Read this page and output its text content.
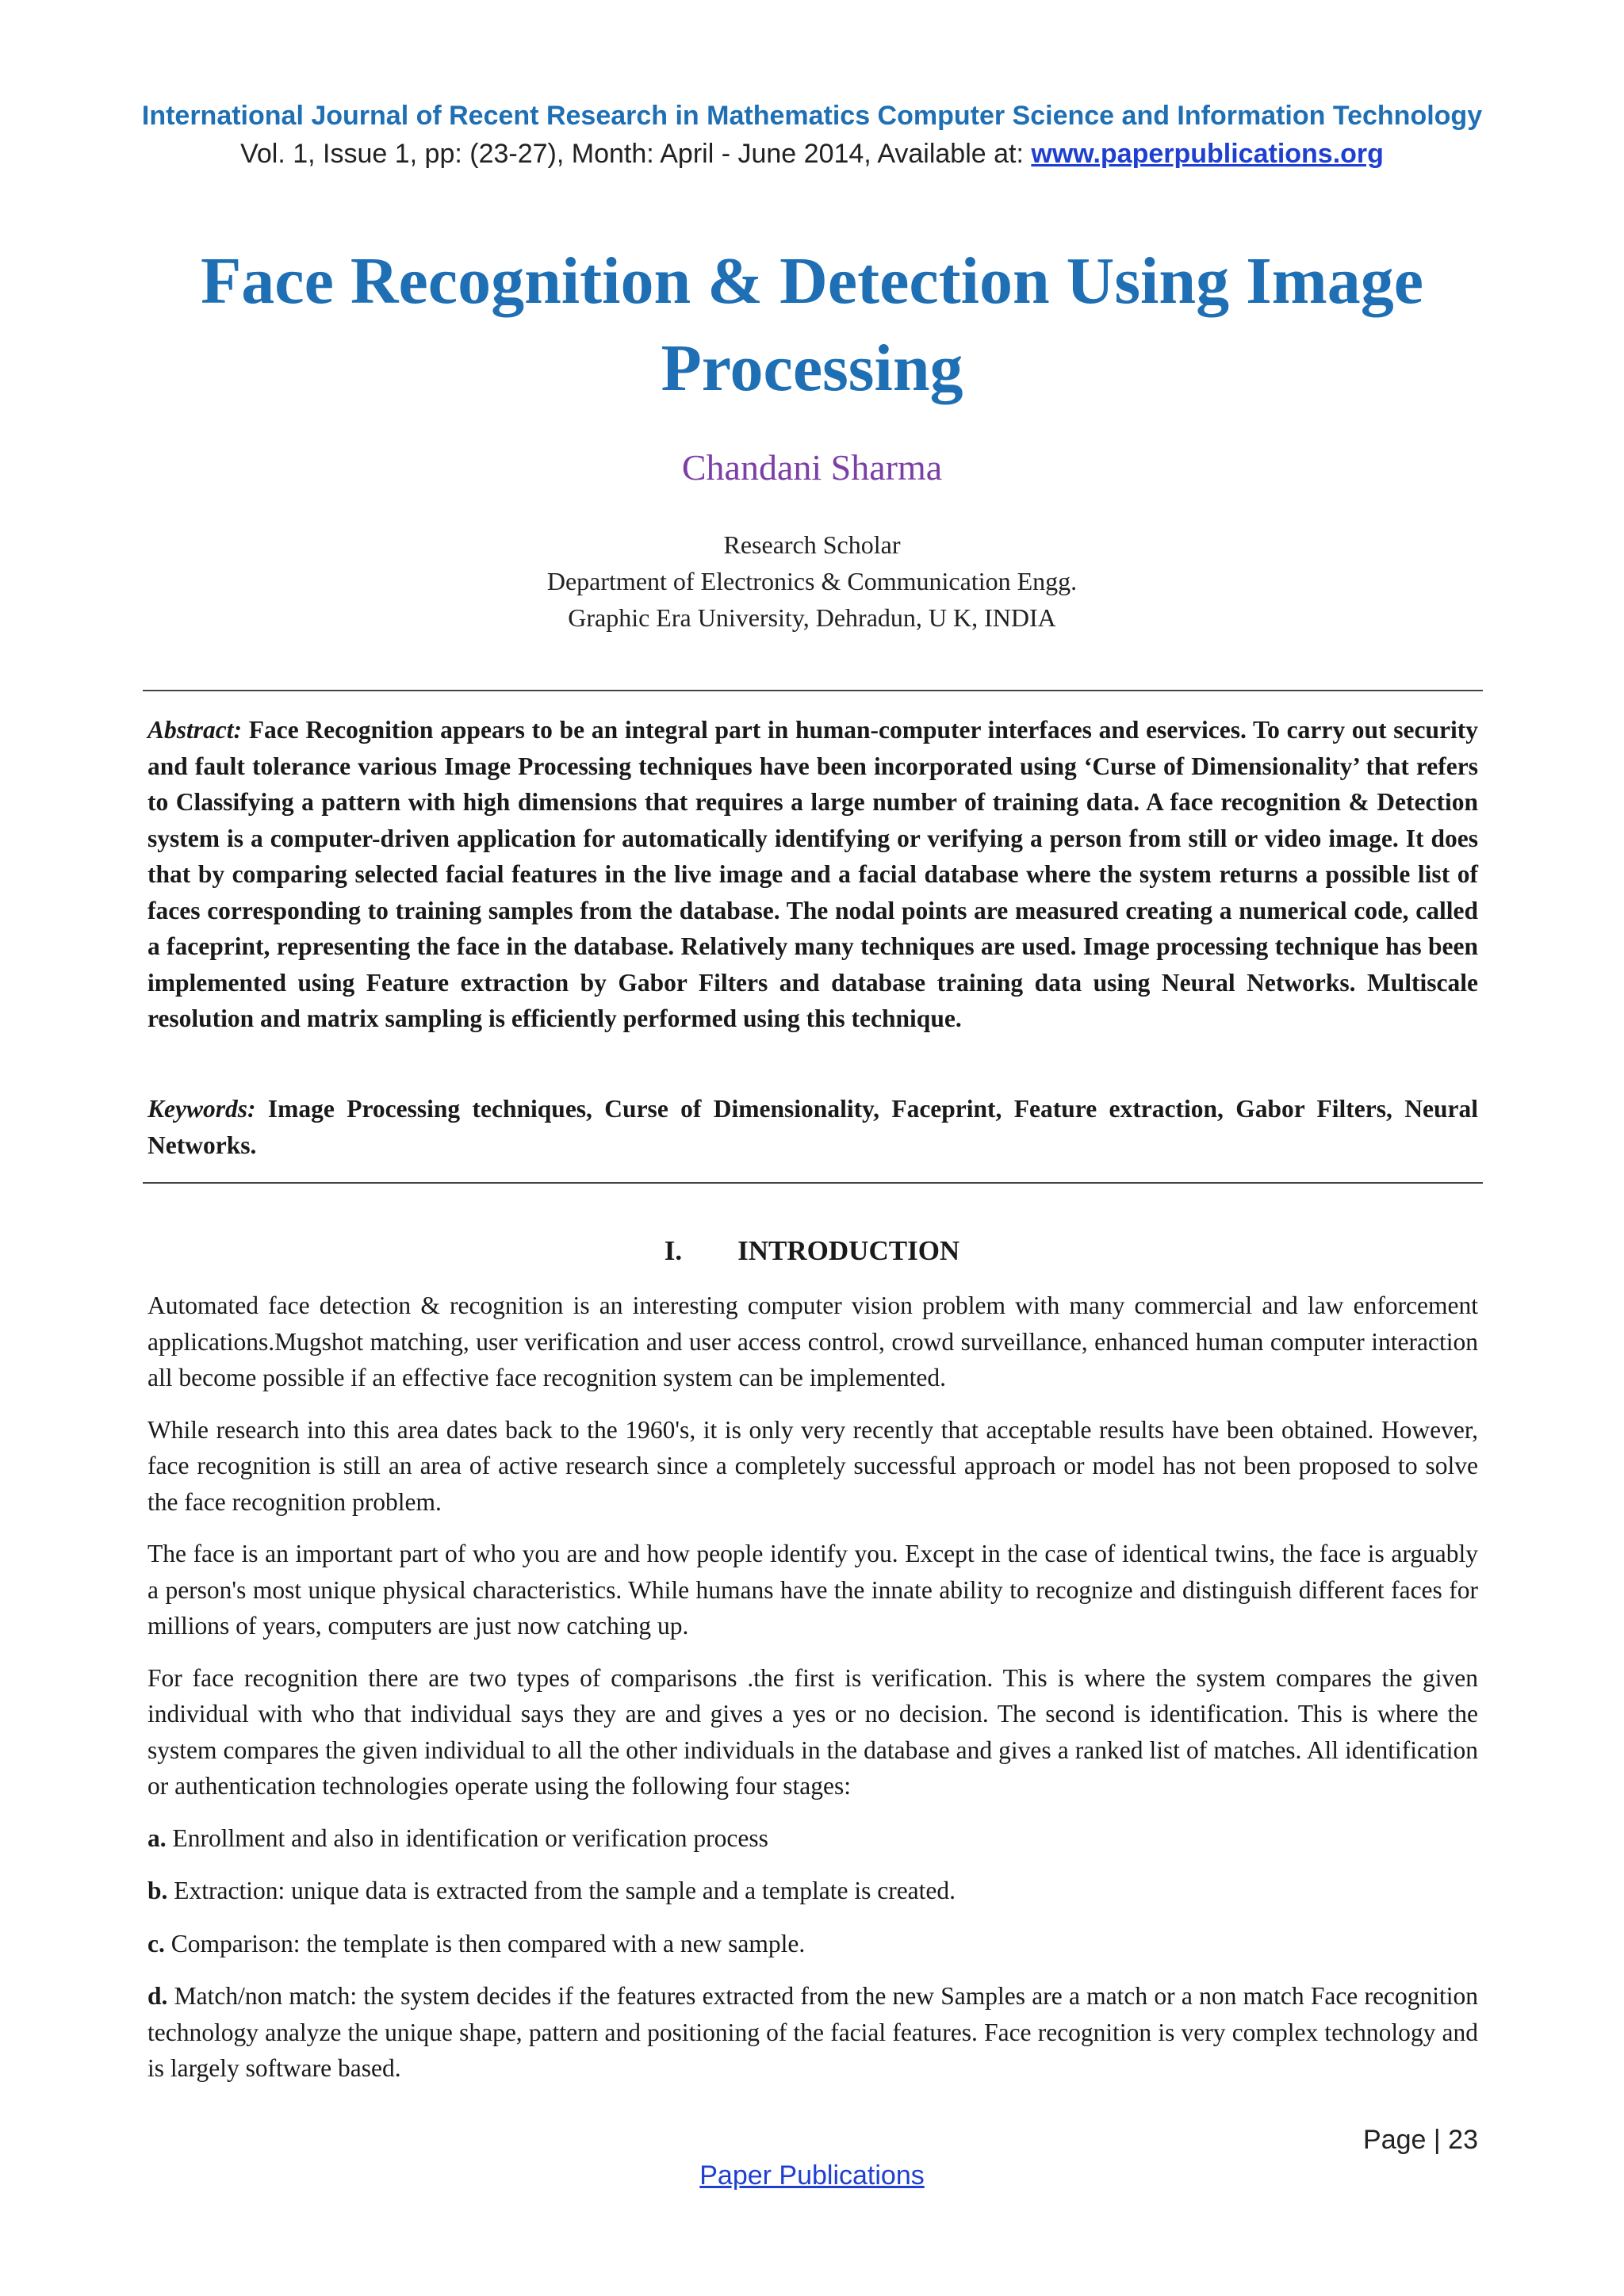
International Journal of Recent Research in Mathematics Computer Science and Information Technology
Vol. 1, Issue 1, pp: (23-27), Month: April - June 2014, Available at: www.paperpublications.org
Face Recognition & Detection Using Image
Processing
Chandani Sharma
Research Scholar
Department of Electronics & Communication Engg.
Graphic Era University, Dehradun, U K, INDIA
Abstract: Face Recognition appears to be an integral part in human-computer interfaces and eservices. To carry out security and fault tolerance various Image Processing techniques have been incorporated using ‘Curse of Dimensionality’ that refers to Classifying a pattern with high dimensions that requires a large number of training data. A face recognition & Detection system is a computer-driven application for automatically identifying or verifying a person from still or video image. It does that by comparing selected facial features in the live image and a facial database where the system returns a possible list of faces corresponding to training samples from the database. The nodal points are measured creating a numerical code, called a faceprint, representing the face in the database. Relatively many techniques are used. Image processing technique has been implemented using Feature extraction by Gabor Filters and database training data using Neural Networks. Multiscale resolution and matrix sampling is efficiently performed using this technique.
Keywords: Image Processing techniques, Curse of Dimensionality, Faceprint, Feature extraction, Gabor Filters, Neural Networks.
I. INTRODUCTION

Automated face detection & recognition is an interesting computer vision problem with many commercial and law enforcement applications.Mugshot matching, user verification and user access control, crowd surveillance, enhanced human computer interaction all become possible if an effective face recognition system can be implemented.

While research into this area dates back to the 1960's, it is only very recently that acceptable results have been obtained. However, face recognition is still an area of active research since a completely successful approach or model has not been proposed to solve the face recognition problem.

The face is an important part of who you are and how people identify you. Except in the case of identical twins, the face is arguably a person's most unique physical characteristics. While humans have the innate ability to recognize and distinguish different faces for millions of years, computers are just now catching up.

For face recognition there are two types of comparisons .the first is verification. This is where the system compares the given individual with who that individual says they are and gives a yes or no decision. The second is identification. This is where the system compares the given individual to all the other individuals in the database and gives a ranked list of matches. All identification or authentication technologies operate using the following four stages:

a. Enrollment and also in identification or verification process

b. Extraction: unique data is extracted from the sample and a template is created.

c. Comparison: the template is then compared with a new sample.

d. Match/non match: the system decides if the features extracted from the new Samples are a match or a non match Face recognition technology analyze the unique shape, pattern and positioning of the facial features. Face recognition is very complex technology and is largely software based.

Page | 23
Paper Publications
